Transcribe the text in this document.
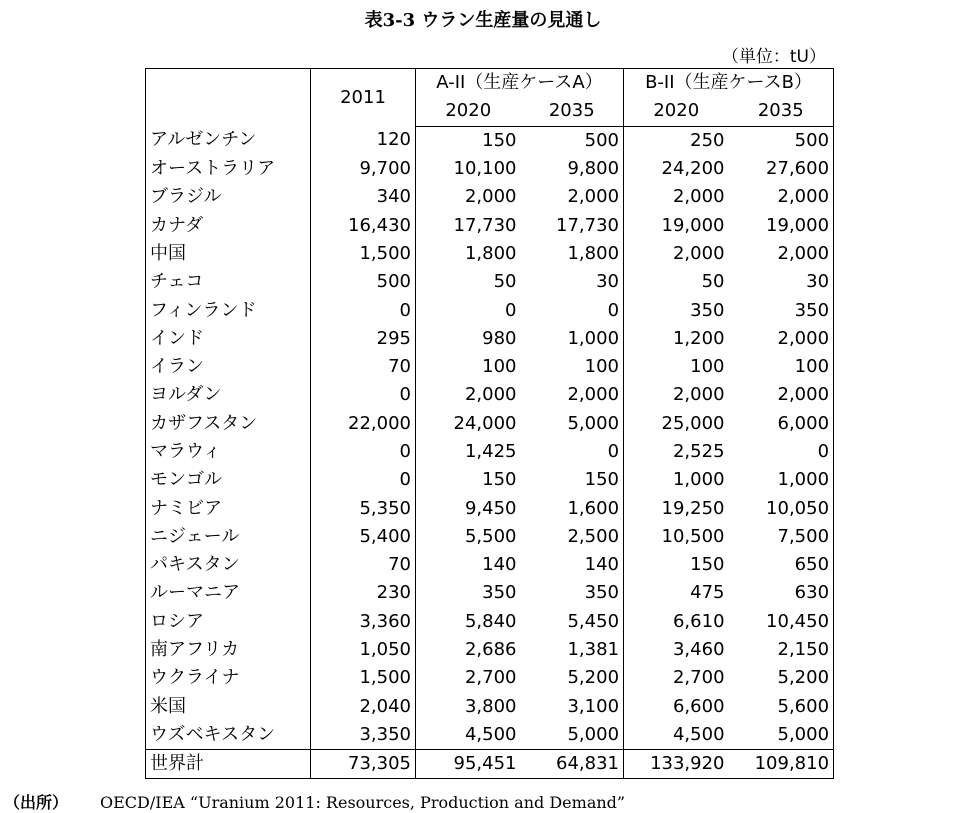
表3-3 ウラン生産量の見通し
（単位：tU）
	2011	A-II（生産ケースA）		B-II（生産ケースB）	
		2020	2035	2020	2035
アルゼンチン	120	150	500	250	500
オーストラリア	9,700	10,100	9,800	24,200	27,600
ブラジル	340	2,000	2,000	2,000	2,000
カナダ	16,430	17,730	17,730	19,000	19,000
中国	1,500	1,800	1,800	2,000	2,000
チェコ	500	50	30	50	30
フィンランド	0	0	0	350	350
インド	295	980	1,000	1,200	2,000
イラン	70	100	100	100	100
ヨルダン	0	2,000	2,000	2,000	2,000
カザフスタン	22,000	24,000	5,000	25,000	6,000
マラウィ	0	1,425	0	2,525	0
モンゴル	0	150	150	1,000	1,000
ナミビア	5,350	9,450	1,600	19,250	10,050
ニジェール	5,400	5,500	2,500	10,500	7,500
パキスタン	70	140	140	150	650
ルーマニア	230	350	350	475	630
ロシア	3,360	5,840	5,450	6,610	10,450
南アフリカ	1,050	2,686	1,381	3,460	2,150
ウクライナ	1,500	2,700	5,200	2,700	5,200
米国	2,040	3,800	3,100	6,600	5,600
ウズベキスタン	3,350	4,500	5,000	4,500	5,000
世界計	73,305	95,451	64,831	133,920	109,810
（出所） OECD/IEA “Uranium 2011: Resources, Production and Demand”
